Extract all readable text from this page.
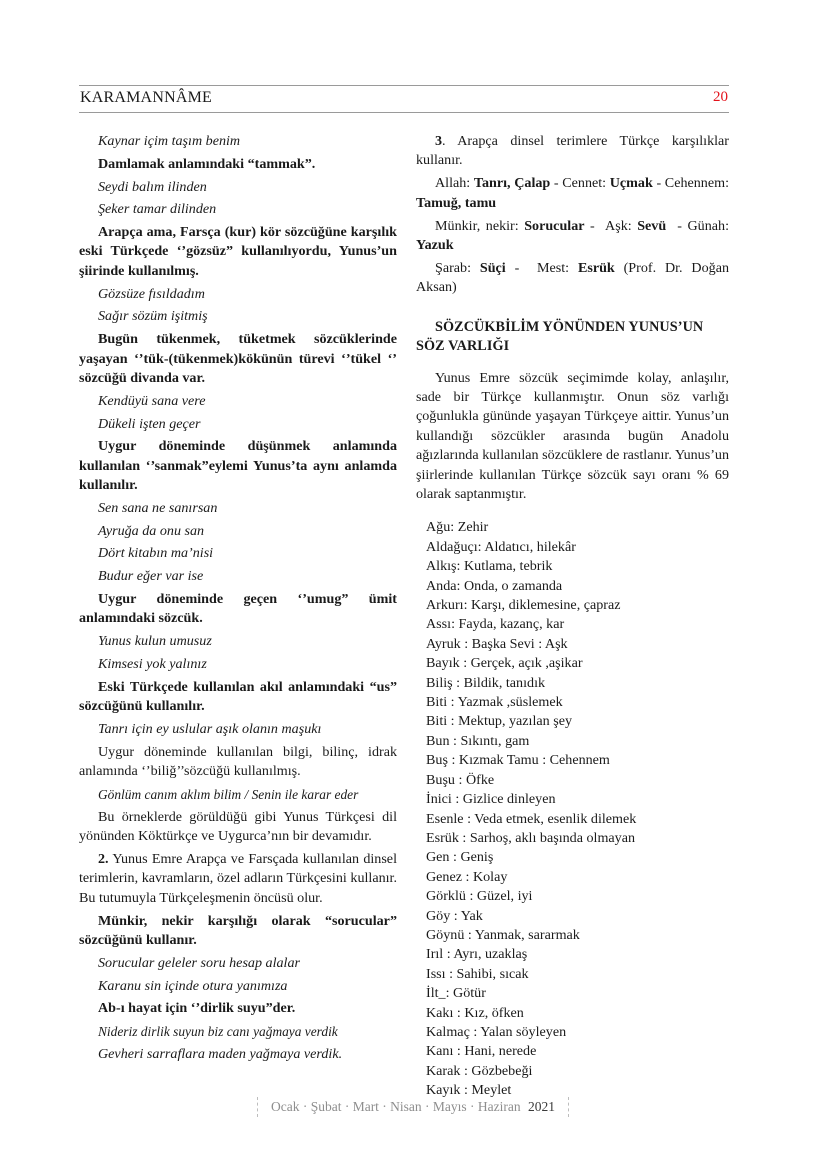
KARAMANNÂME	20
Kaynar içim taşım benim

Damlamak anlamındaki “tammak”.

Seydi balım ilinden
Şeker tamar dilinden

Arapça ama, Farsça (kur) kör sözcüğüne karşılık eski Türkçede ‘’gözsüz” kullanılıyordu, Yunus’un şiirinde kullanılmış.

Gözsüze fısıldadım
Sağır sözüm işitmiş

Bugün tükenmek, tüketmek sözcüklerinde yaşayan ‘’tük-(tükenmek)kökünün türevi ‘’tükel ‘’ sözcüğü divanda var.

Kendüyü sana vere
Dükeli işten geçer

Uygur döneminde düşünmek anlamında kullanılan ‘’sanmak”eylemi Yunus’ta aynı anlamda kullanılır.

Sen sana ne sanırsan
Ayruğa da onu san
Dört kitabın ma’nisi
Budur eğer var ise

Uygur döneminde geçen ‘’umug” ümit anlamındaki sözcük.

Yunus kulun umusuz
Kimsesi yok yalınız

Eski Türkçede kullanılan akıl anlamındaki “us” sözcüğünü kullanılır.

Tanrı için ey uslular aşık olanın maşukı

Uygur döneminde kullanılan bilgi, bilinç, idrak anlamında ‘’biliğ’’sözcüğü kullanılmış.

Gönlüm canım aklım bilim / Senin ile karar eder

Bu örneklerde görüldüğü gibi Yunus Türkçesi dil yönünden Köktürkçe ve Uygurca’nın bir devamıdır.

2. Yunus Emre Arapça ve Farsçada kullanılan dinsel terimlerin, kavramların, özel adların Türkçesini kullanır. Bu tutumuyla Türkçeleşmenin öncüsü olur.

Münkir, nekir karşılığı olarak “sorucular” sözcüğünü kullanır.

Sorucular geleler soru hesap alalar
Karanu sin içinde otura yanımıza

Ab-ı hayat için ‘’dirlik suyu”der.

Nideriz dirlik suyun biz canı yağmaya verdik
Gevheri sarraflara maden yağmaya verdik.

3. Arapça dinsel terimlere Türkçe karşılıklar kullanır.

Allah: Tanrı, Çalap - Cennet: Uçmak - Cehennem: Tamuğ, tamu

Münkir, nekir: Sorucular -  Aşk: Sevü  - Günah: Yazuk

Şarab: Süçi -  Mest: Esrük (Prof. Dr. Doğan Aksan)

SÖZCÜKBİLİM YÖNÜNDEN YUNUS’UN
SÖZ VARLIĞI

Yunus Emre sözcük seçimimde kolay, anlaşılır, sade bir Türkçe kullanmıştır. Onun söz varlığı çoğunlukla gününde yaşayan Türkçeye aittir. Yunus’un kullandığı sözcükler arasında bugün Anadolu ağızlarında kullanılan sözcüklere de rastlanır. Yunus’un şiirlerinde kullanılan Türkçe sözcük sayı oranı % 69 olarak saptanmıştır.

Ağu: Zehir
Aldağuçı: Aldatıcı, hilekâr
Alkış: Kutlama, tebrik
Anda: Onda, o zamanda
Arkurı: Karşı, diklemesine, çapraz
Assı: Fayda, kazanç, kar
Ayruk : Başka Sevi : Aşk
Bayık : Gerçek, açık ,aşikar
Biliş : Bildik, tanıdık
Biti : Yazmak ,süslemek
Biti : Mektup, yazılan şey
Bun : Sıkıntı, gam
Buş : Kızmak Tamu : Cehennem
Buşu : Öfke
İnici : Gizlice dinleyen
Esenle : Veda etmek, esenlik dilemek
Esrük : Sarhoş, aklı başında olmayan
Gen : Geniş
Genez : Kolay
Görklü : Güzel, iyi
Göy : Yak
Göynü : Yanmak, sararmak
Irıl : Ayrı, uzaklaş
Issı : Sahibi, sıcak
İlt_: Götür
Kakı : Kız, öfken
Kalmaç : Yalan söyleyen
Kanı : Hani, nerede
Karak : Gözbebeği
Kayık : Meylet
Ocak · Şubat · Mart · Nisan · Mayıs · Haziran 2021
